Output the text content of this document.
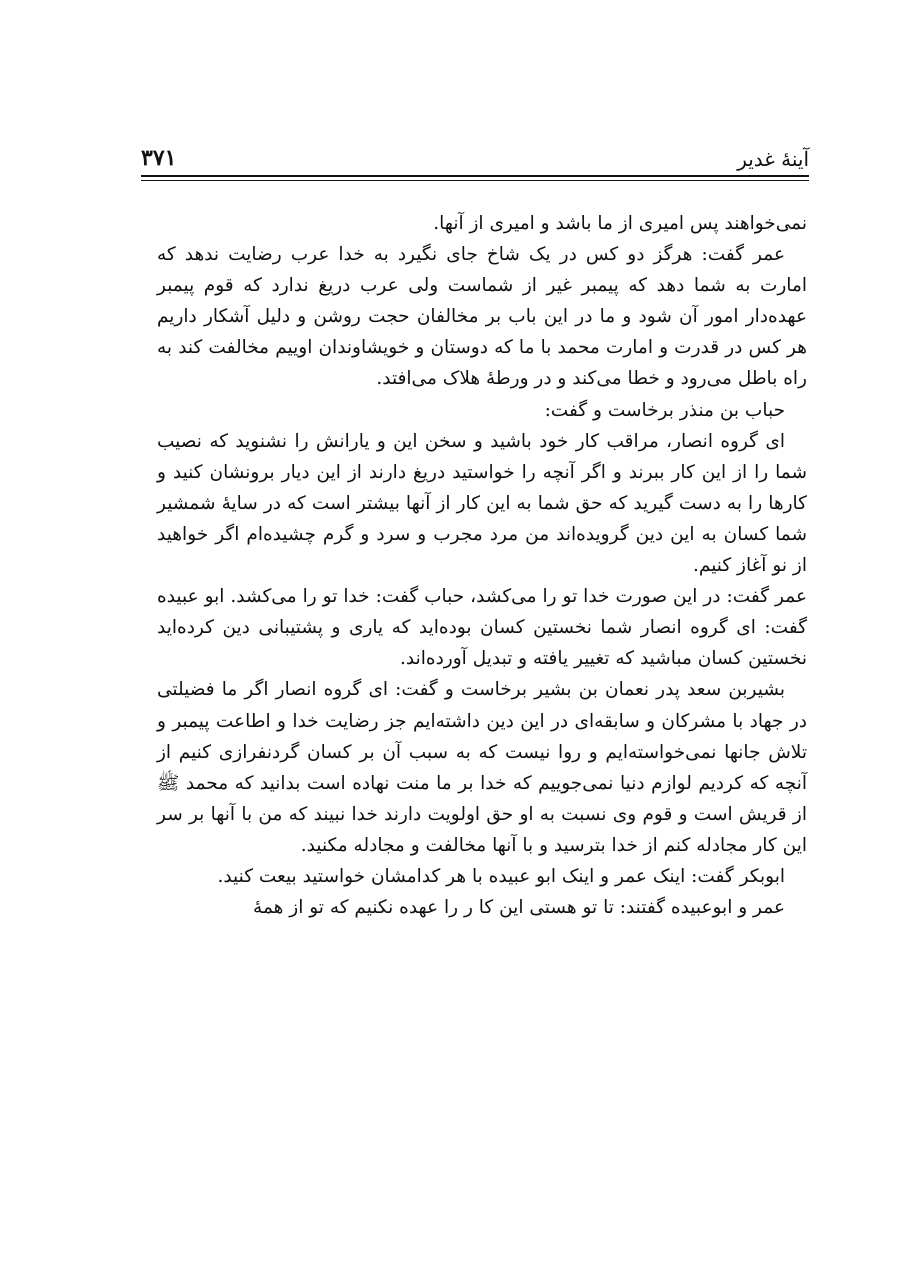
آینهٔ غدیر
۳۷۱

نمی‌خواهند پس امیری از ما باشد و امیری از آنها.

عمر گفت: هرگز دو کس در یک شاخ جای نگیرد به خدا عرب رضایت ندهد که امارت به شما دهد که پیمبر غیر از شماست ولی عرب دریغ ندارد که قوم پیمبر عهده‌دار امور آن شود و ما در این باب بر مخالفان حجت روشن و دلیل آشکار داریم هر کس در قدرت و امارت محمد با ما که دوستان و خویشاوندان اوییم مخالفت کند به راه باطل می‌رود و خطا می‌کند و در ورطهٔ هلاک می‌افتد.

حباب بن منذر برخاست و گفت:

ای گروه انصار، مراقب کار خود باشید و سخن این و یارانش را نشنوید که نصیب شما را از این کار ببرند و اگر آنچه را خواستید دریغ دارند از این دیار برونشان کنید و کارها را به دست گیرید که حق شما به این کار از آنها بیشتر است که در سایهٔ شمشیر شما کسان به این دین گرویده‌اند من مرد مجرب و سرد و گرم چشیده‌ام اگر خواهید از نو آغاز کنیم.

عمر گفت: در این صورت خدا تو را می‌کشد، حباب گفت: خدا تو را می‌کشد. ابو عبیده گفت: ای گروه انصار شما نخستین کسان بوده‌اید که یاری و پشتیبانی دین کرده‌اید نخستین کسان مباشید که تغییر یافته و تبدیل آورده‌اند.

بشیربن سعد پدر نعمان بن بشیر برخاست و گفت: ای گروه انصار اگر ما فضیلتی در جهاد با مشرکان و سابقه‌ای در این دین داشته‌ایم جز رضایت خدا و اطاعت پیمبر و تلاش جانها نمی‌خواسته‌ایم و روا نیست که به سبب آن بر کسان گردنفرازی کنیم از آنچه که کردیم لوازم دنیا نمی‌جوییم که خدا بر ما منت نهاده است بدانید که محمد ﷺ از قریش است و قوم وی نسبت به او حق اولویت دارند خدا نبیند که من با آنها بر سر این کار مجادله کنم از خدا بترسید و با آنها مخالفت و مجادله مکنید.

ابوبکر گفت: اینک عمر و اینک ابو عبیده با هر کدامشان خواستید بیعت کنید.

عمر و ابوعبیده گفتند: تا تو هستی این کا ر را عهده نکنیم که تو از همهٔ
